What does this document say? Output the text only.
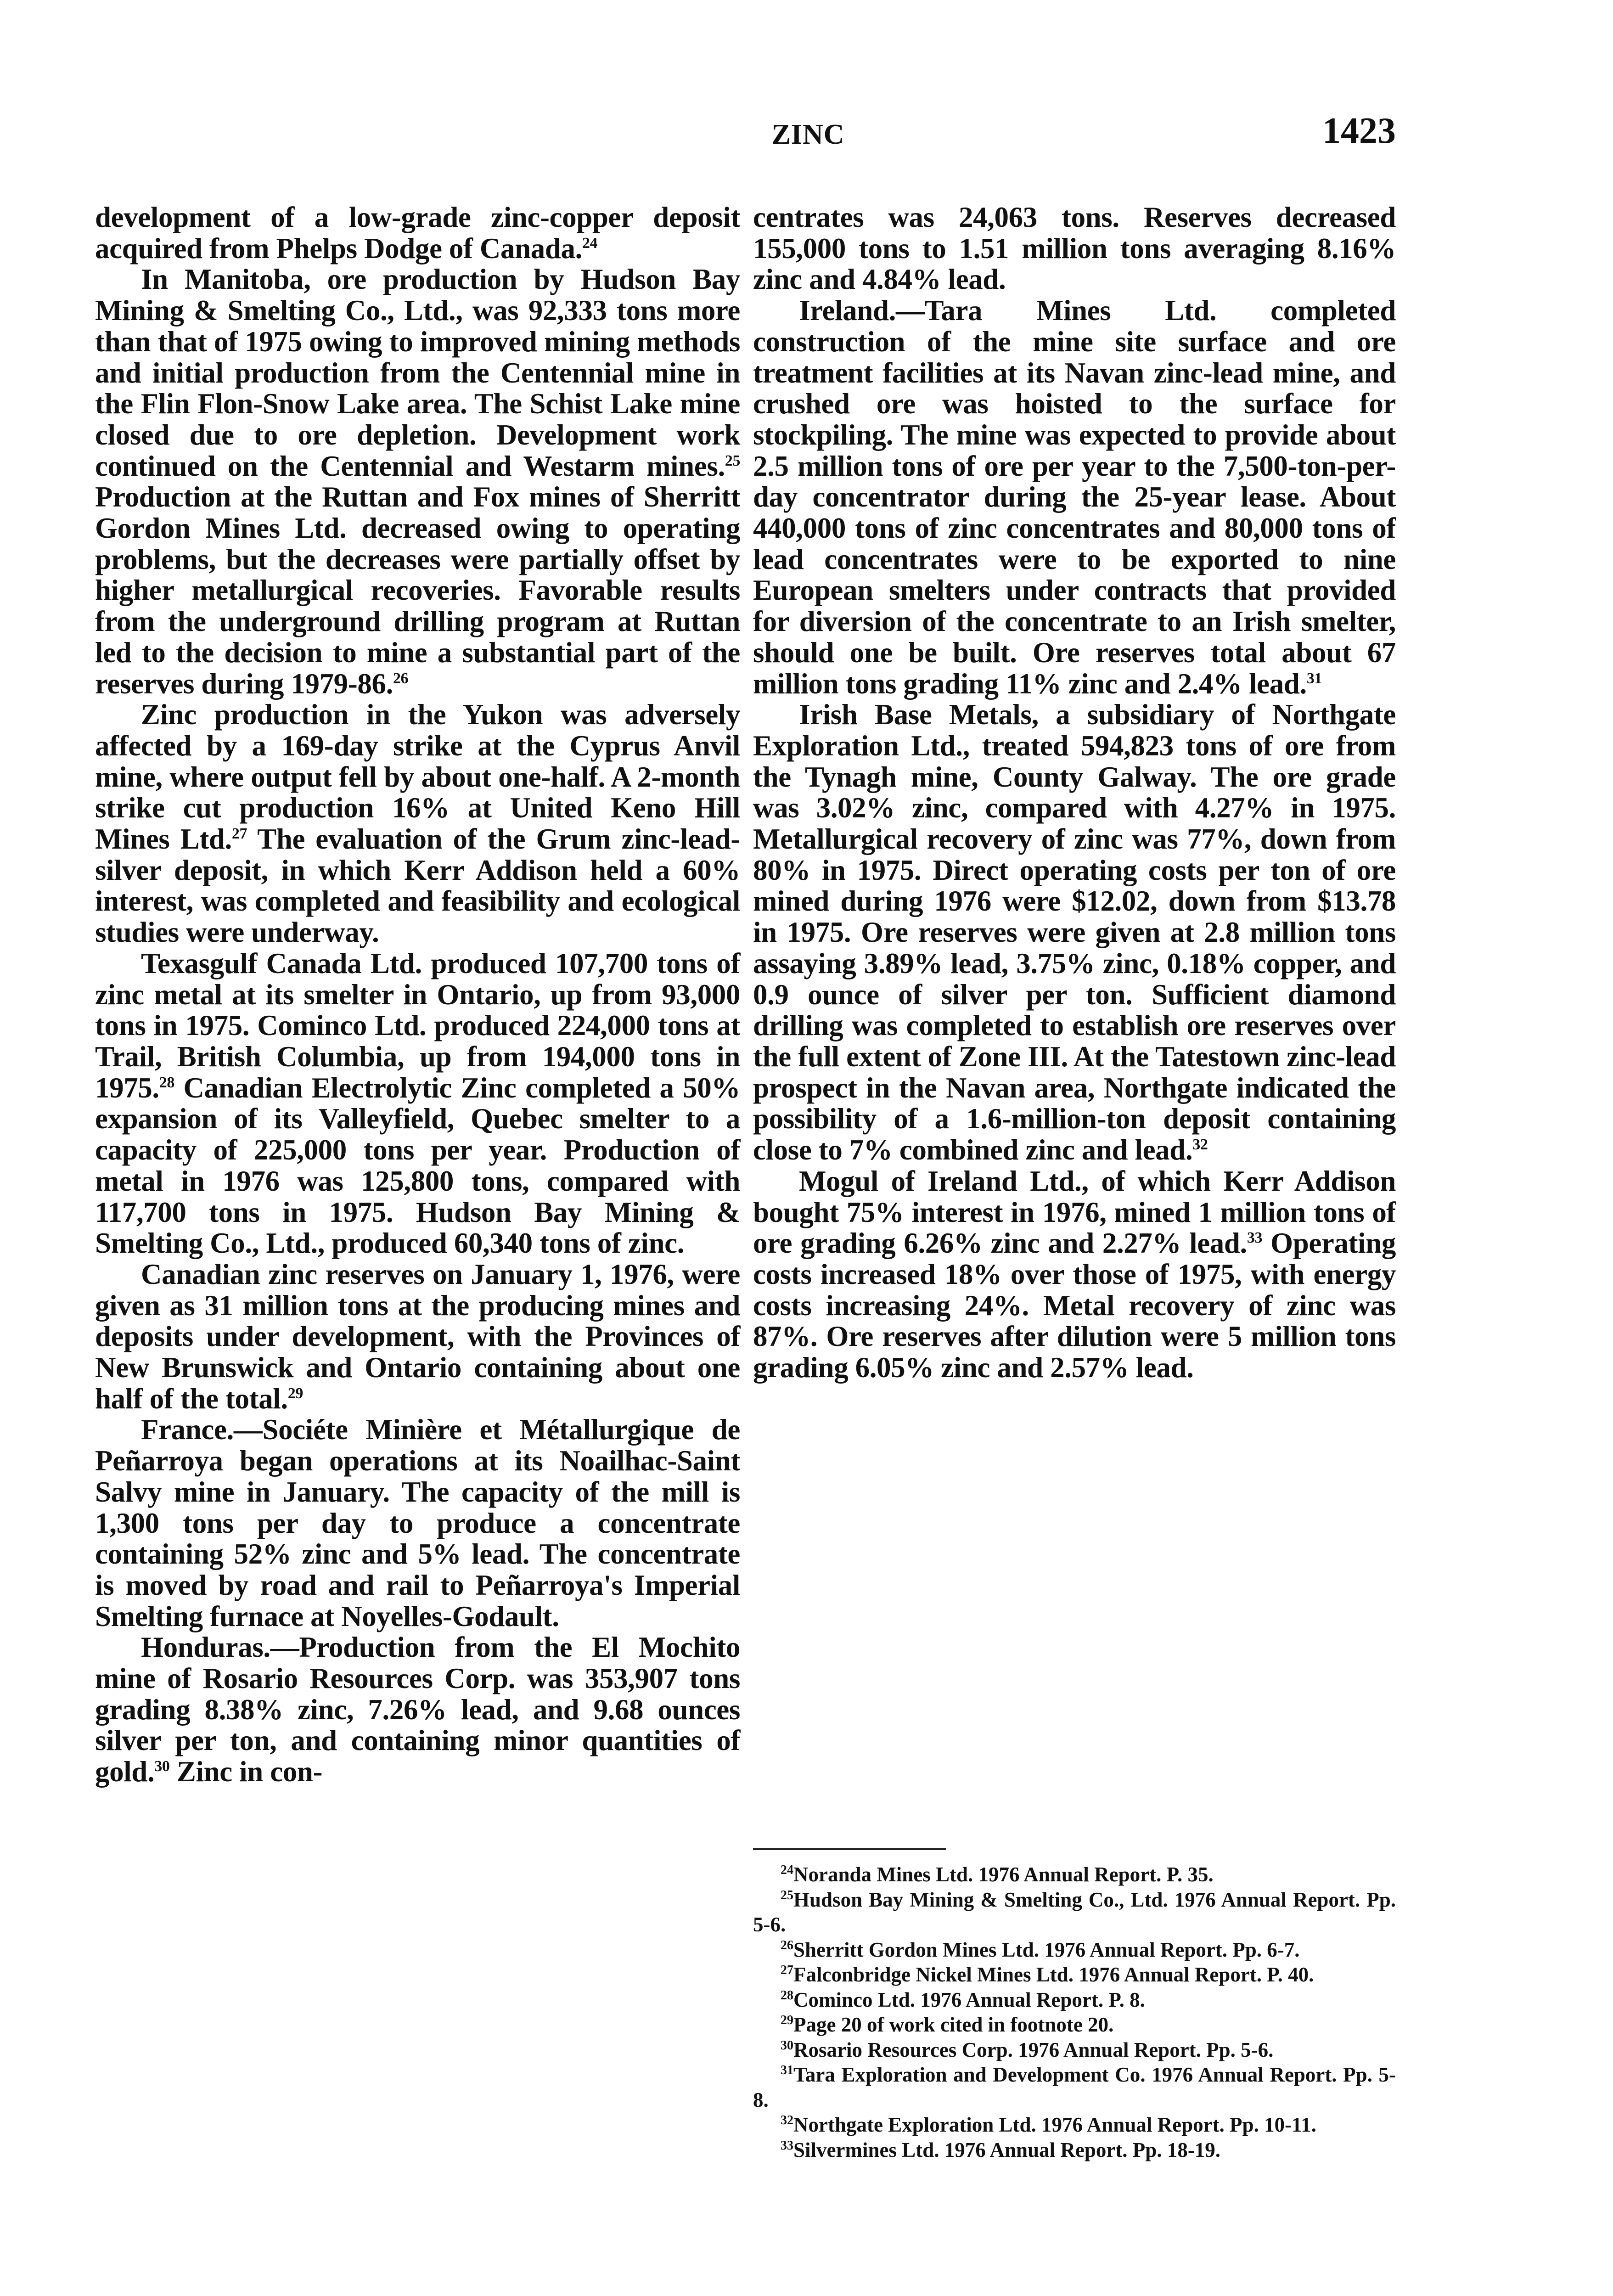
ZINC	1423

development of a low-grade zinc-copper deposit acquired from Phelps Dodge of Canada.$^{24}$

In Manitoba, ore production by Hudson Bay Mining & Smelting Co., Ltd., was 92,333 tons more than that of 1975 owing to improved mining methods and initial production from the Centennial mine in the Flin Flon-Snow Lake area. The Schist Lake mine closed due to ore depletion. Development work continued on the Centennial and Westarm mines.$^{25}$ Production at the Ruttan and Fox mines of Sherritt Gordon Mines Ltd. decreased owing to operating problems, but the decreases were partially offset by higher metallurgical recoveries. Favorable results from the underground drilling program at Ruttan led to the decision to mine a substantial part of the reserves during 1979-86.26

Zinc production in the Yukon was adversely affected by a 169-day strike at the Cyprus Anvil mine, where output fell by about one-half. A 2-month strike cut production 16% at United Keno Hill Mines Ltd.$^{27}$ The evaluation of the Grum zinc-lead-silver deposit, in which Kerr Addison held a 60% interest, was completed and feasibility and ecological studies were underway.

Texasgulf Canada Ltd. produced 107,700 tons of zinc metal at its smelter in Ontario, up from 93,000 tons in 1975. Cominco Ltd. produced 224,000 tons at Trail, British Columbia, up from 194,000 tons in 1975.28 Canadian Electrolytic Zinc completed a 50% expansion of its Valleyfield, Quebec smelter to a capacity of 225,000 tons per year. Production of metal in 1976 was 125,800 tons, compared with 117,700 tons in 1975. Hudson Bay Mining & Smelting Co., Ltd., produced 60,340 tons of zinc.

Canadian zinc reserves on January 1, 1976, were given as 31 million tons at the producing mines and deposits under development, with the Provinces of New Brunswick and Ontario containing about one half of the total.$^{29}$

France.—Sociéte Minière et Métallurgique de Peñarroya began operations at its Noailhac-Saint Salvy mine in January. The capacity of the mill is 1,300 tons per day to produce a concentrate containing 52% zinc and 5% lead. The concentrate is moved by road and rail to Peñarroya's Imperial Smelting furnace at Noyelles-Godault.

Honduras.—Production from the El Mochito mine of Rosario Resources Corp. was 353,907 tons grading 8.38% zinc, 7.26% lead, and 9.68 ounces silver per ton, and containing minor quantities of gold.$^{30}$ Zinc in con-

centrates was 24,063 tons. Reserves decreased 155,000 tons to 1.51 million tons averaging 8.16% zinc and 4.84% lead.

Ireland.—Tara Mines Ltd. completed construction of the mine site surface and ore treatment facilities at its Navan zinc-lead mine, and crushed ore was hoisted to the surface for stockpiling. The mine was expected to provide about 2.5 million tons of ore per year to the 7,500-ton-per-day concentrator during the 25-year lease. About 440,000 tons of zinc concentrates and 80,000 tons of lead concentrates were to be exported to nine European smelters under contracts that provided for diversion of the concentrate to an Irish smelter, should one be built. Ore reserves total about 67 million tons grading 11% zinc and 2.4% lead.$^{31}$

Irish Base Metals, a subsidiary of Northgate Exploration Ltd., treated 594,823 tons of ore from the Tynagh mine, County Galway. The ore grade was 3.02% zinc, compared with 4.27% in 1975. Metallurgical recovery of zinc was 77%, down from 80% in 1975. Direct operating costs per ton of ore mined during 1976 were $12.02, down from $13.78 in 1975. Ore reserves were given at 2.8 million tons assaying 3.89% lead, 3.75% zinc, 0.18% copper, and 0.9 ounce of silver per ton. Sufficient diamond drilling was completed to establish ore reserves over the full extent of Zone III. At the Tatestown zinc-lead prospect in the Navan area, Northgate indicated the possibility of a 1.6-million-ton deposit containing close to 7% combined zinc and lead.$^{32}$

Mogul of Ireland Ltd., of which Kerr Addison bought 75% interest in 1976, mined 1 million tons of ore grading 6.26% zinc and 2.27% lead.$^{33}$ Operating costs increased 18% over those of 1975, with energy costs increasing 24%. Metal recovery of zinc was 87%. Ore reserves after dilution were 5 million tons grading 6.05% zinc and 2.57% lead.

$^{24}$Noranda Mines Ltd. 1976 Annual Report. P. 35.

$^{25}$Hudson Bay Mining & Smelting Co., Ltd. 1976 Annual Report. Pp. 5-6.

$^{26}$Sherritt Gordon Mines Ltd. 1976 Annual Report. Pp. 6-7.

$^{27}$Falconbridge Nickel Mines Ltd. 1976 Annual Report. P. 40.

$^{28}$Cominco Ltd. 1976 Annual Report. P. 8.

$^{29}$Page 20 of work cited in footnote 20.

$^{30}$Rosario Resources Corp. 1976 Annual Report. Pp. 5-6.

$^{31}$Tara Exploration and Development Co. 1976 Annual Report. Pp. 5-8.

$^{32}$Northgate Exploration Ltd. 1976 Annual Report. Pp. 10-11.

$^{33}$Silvermines Ltd. 1976 Annual Report. Pp. 18-19.
